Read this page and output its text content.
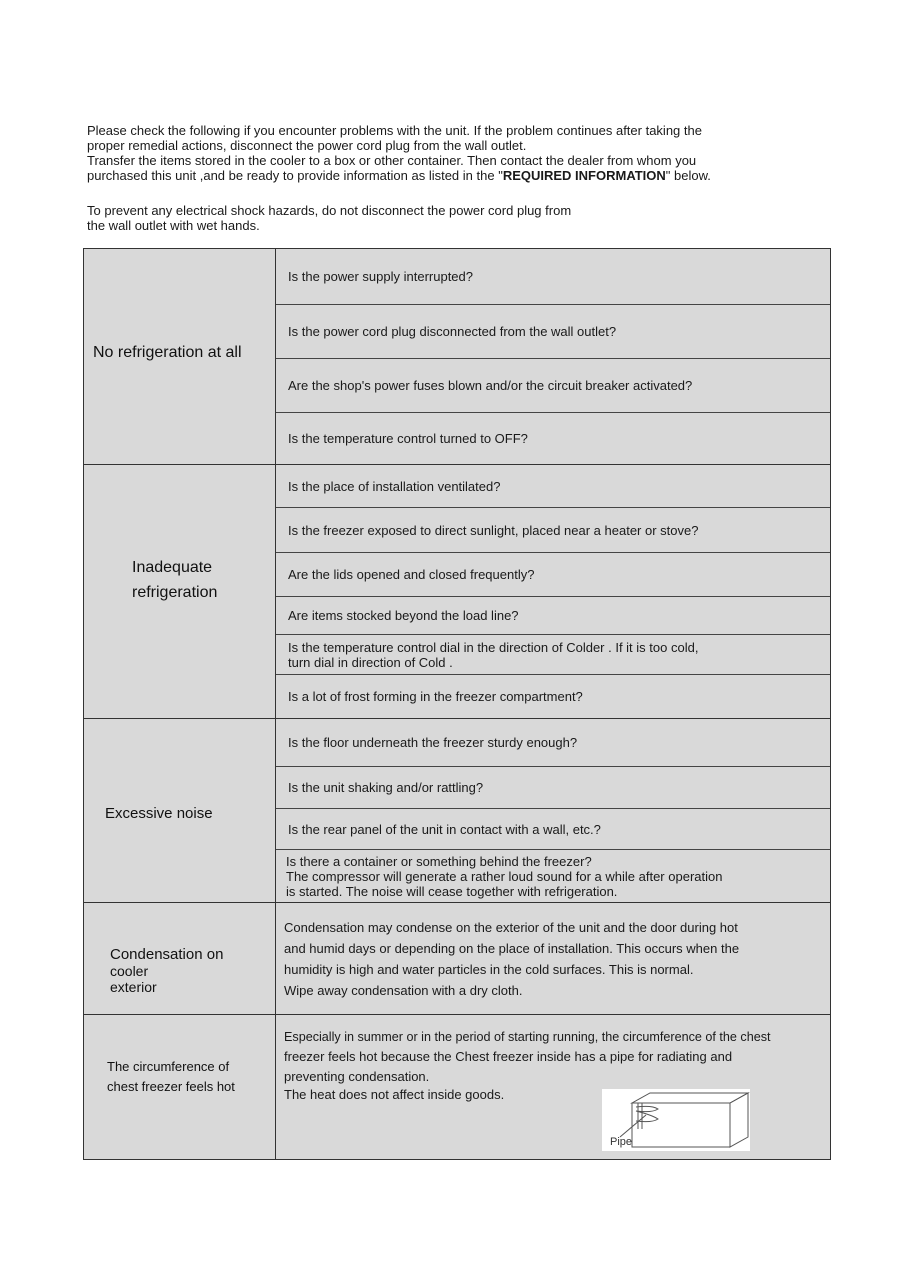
Please check the following if you encounter problems with the unit. If the problem continues after taking the

proper remedial actions, disconnect the power cord plug from the wall outlet.

Transfer the items stored in the cooler to a box or other container. Then contact the dealer from whom you

purchased this unit ,and be ready to provide information as listed in the "REQUIRED INFORMATION" below.

To prevent any electrical shock hazards, do not disconnect the power cord plug from

the wall outlet with wet hands.

No refrigeration at all
Is the power supply interrupted?
Is the power cord plug disconnected from the wall outlet?
Are the shop's power fuses blown and/or the circuit breaker activated?
Is the temperature control turned to OFF?
Inadequate
refrigeration
Is the place of installation ventilated?
Is the freezer exposed to direct sunlight, placed near a heater or stove?
Are the lids opened and closed frequently?
Are items stocked beyond the load line?
Is the temperature control dial in the direction of Colder . If it is too cold,
turn dial in direction of Cold .
Is a lot of frost forming in the freezer compartment?
Excessive noise
Is the floor underneath the freezer sturdy enough?
Is the unit shaking and/or rattling?
Is the rear panel of the unit in contact with a wall, etc.?
Is there a container or something behind the freezer?
The compressor will generate a rather loud sound for a while after operation
is started. The noise will cease together with refrigeration.
Condensation on
cooler
exterior
Condensation may condense on the exterior of the unit and the door during hot
and humid days or depending on the place of installation. This occurs when the
humidity is high and water particles in the cold surfaces. This is normal.
Wipe away condensation with a dry cloth.
The circumference of
chest freezer feels hot
Especially in summer or in the period of starting running, the circumference of the chest
freezer feels hot because the Chest freezer inside has a pipe for radiating and
preventing condensation.
The heat does not affect inside goods.
Pipe
